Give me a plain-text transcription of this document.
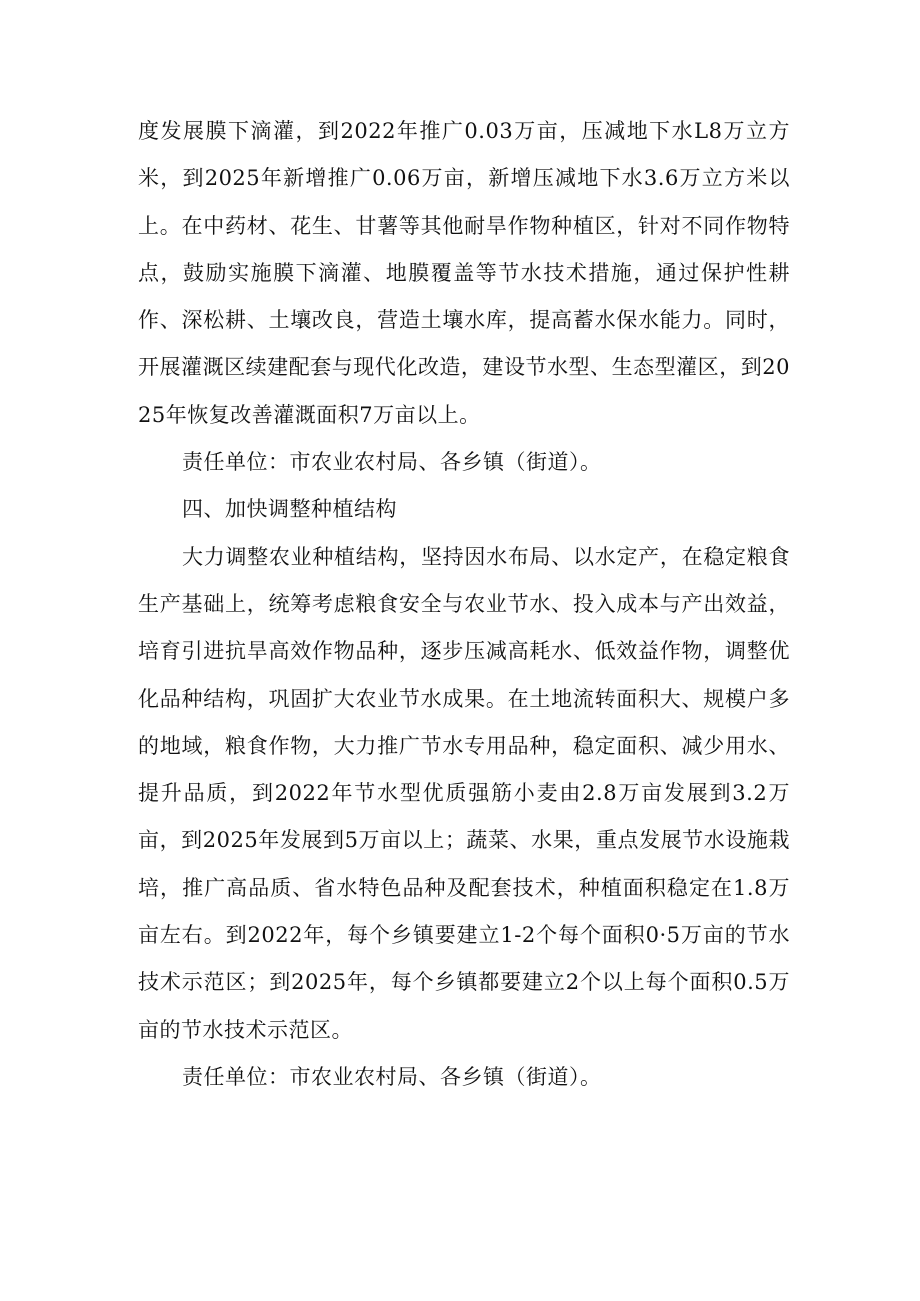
度发展膜下滴灌，到2022年推广0.03万亩，压减地下水L8万立方米，到2025年新增推广0.06万亩，新增压减地下水3.6万立方米以上。在中药材、花生、甘薯等其他耐旱作物种植区，针对不同作物特点，鼓励实施膜下滴灌、地膜覆盖等节水技术措施，通过保护性耕作、深松耕、土壤改良，营造土壤水库，提高蓄水保水能力。同时，开展灌溉区续建配套与现代化改造，建设节水型、生态型灌区，到2025年恢复改善灌溉面积7万亩以上。

责任单位：市农业农村局、各乡镇（街道）。

四、加快调整种植结构

大力调整农业种植结构，坚持因水布局、以水定产，在稳定粮食生产基础上，统筹考虑粮食安全与农业节水、投入成本与产出效益，培育引进抗旱高效作物品种，逐步压减高耗水、低效益作物，调整优化品种结构，巩固扩大农业节水成果。在土地流转面积大、规模户多的地域，粮食作物，大力推广节水专用品种，稳定面积、减少用水、提升品质，到2022年节水型优质强筋小麦由2.8万亩发展到3.2万亩，到2025年发展到5万亩以上；蔬菜、水果，重点发展节水设施栽培，推广高品质、省水特色品种及配套技术，种植面积稳定在1.8万亩左右。到2022年，每个乡镇要建立1-2个每个面积0·5万亩的节水技术示范区；到2025年，每个乡镇都要建立2个以上每个面积0.5万亩的节水技术示范区。

责任单位：市农业农村局、各乡镇（街道）。
